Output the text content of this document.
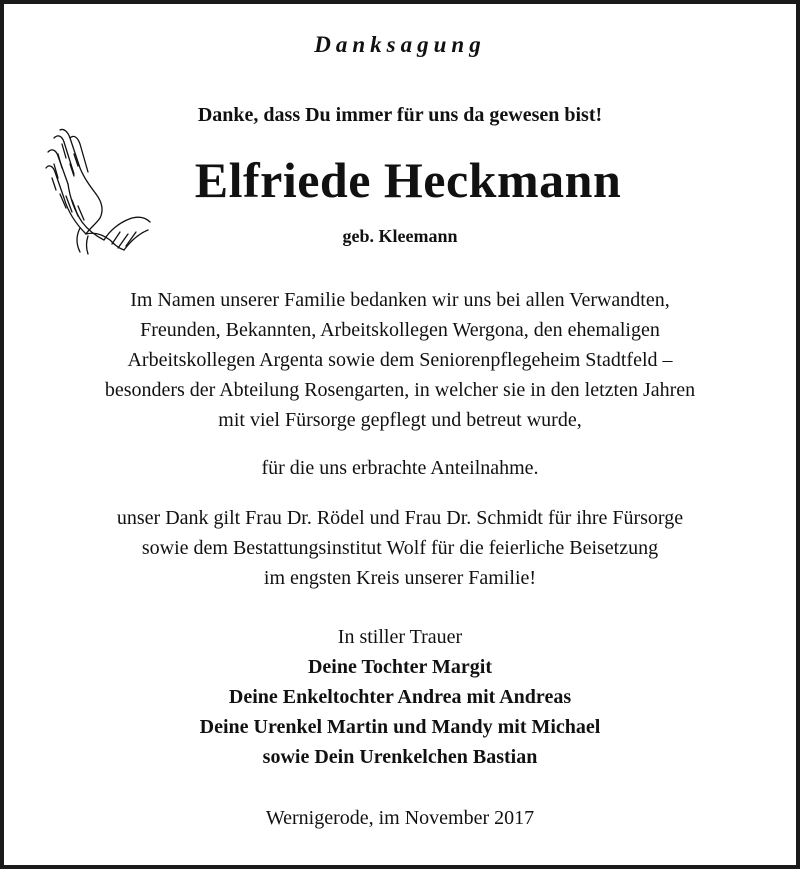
Danksagung
Danke, dass Du immer für uns da gewesen bist!
Elfriede Heckmann
geb. Kleemann
Im Namen unserer Familie bedanken wir uns bei allen Verwandten,
Freunden, Bekannten, Arbeitskollegen Wergona, den ehemaligen
Arbeitskollegen Argenta sowie dem Seniorenpflegeheim Stadtfeld –
besonders der Abteilung Rosengarten, in welcher sie in den letzten Jahren
mit viel Fürsorge gepflegt und betreut wurde,
für die uns erbrachte Anteilnahme.
unser Dank gilt Frau Dr. Rödel und Frau Dr. Schmidt für ihre Fürsorge
sowie dem Bestattungsinstitut Wolf für die feierliche Beisetzung
im engsten Kreis unserer Familie!
In stiller Trauer
Deine Tochter Margit
Deine Enkeltochter Andrea mit Andreas
Deine Urenkel Martin und Mandy mit Michael
sowie Dein Urenkelchen Bastian
Wernigerode, im November 2017
